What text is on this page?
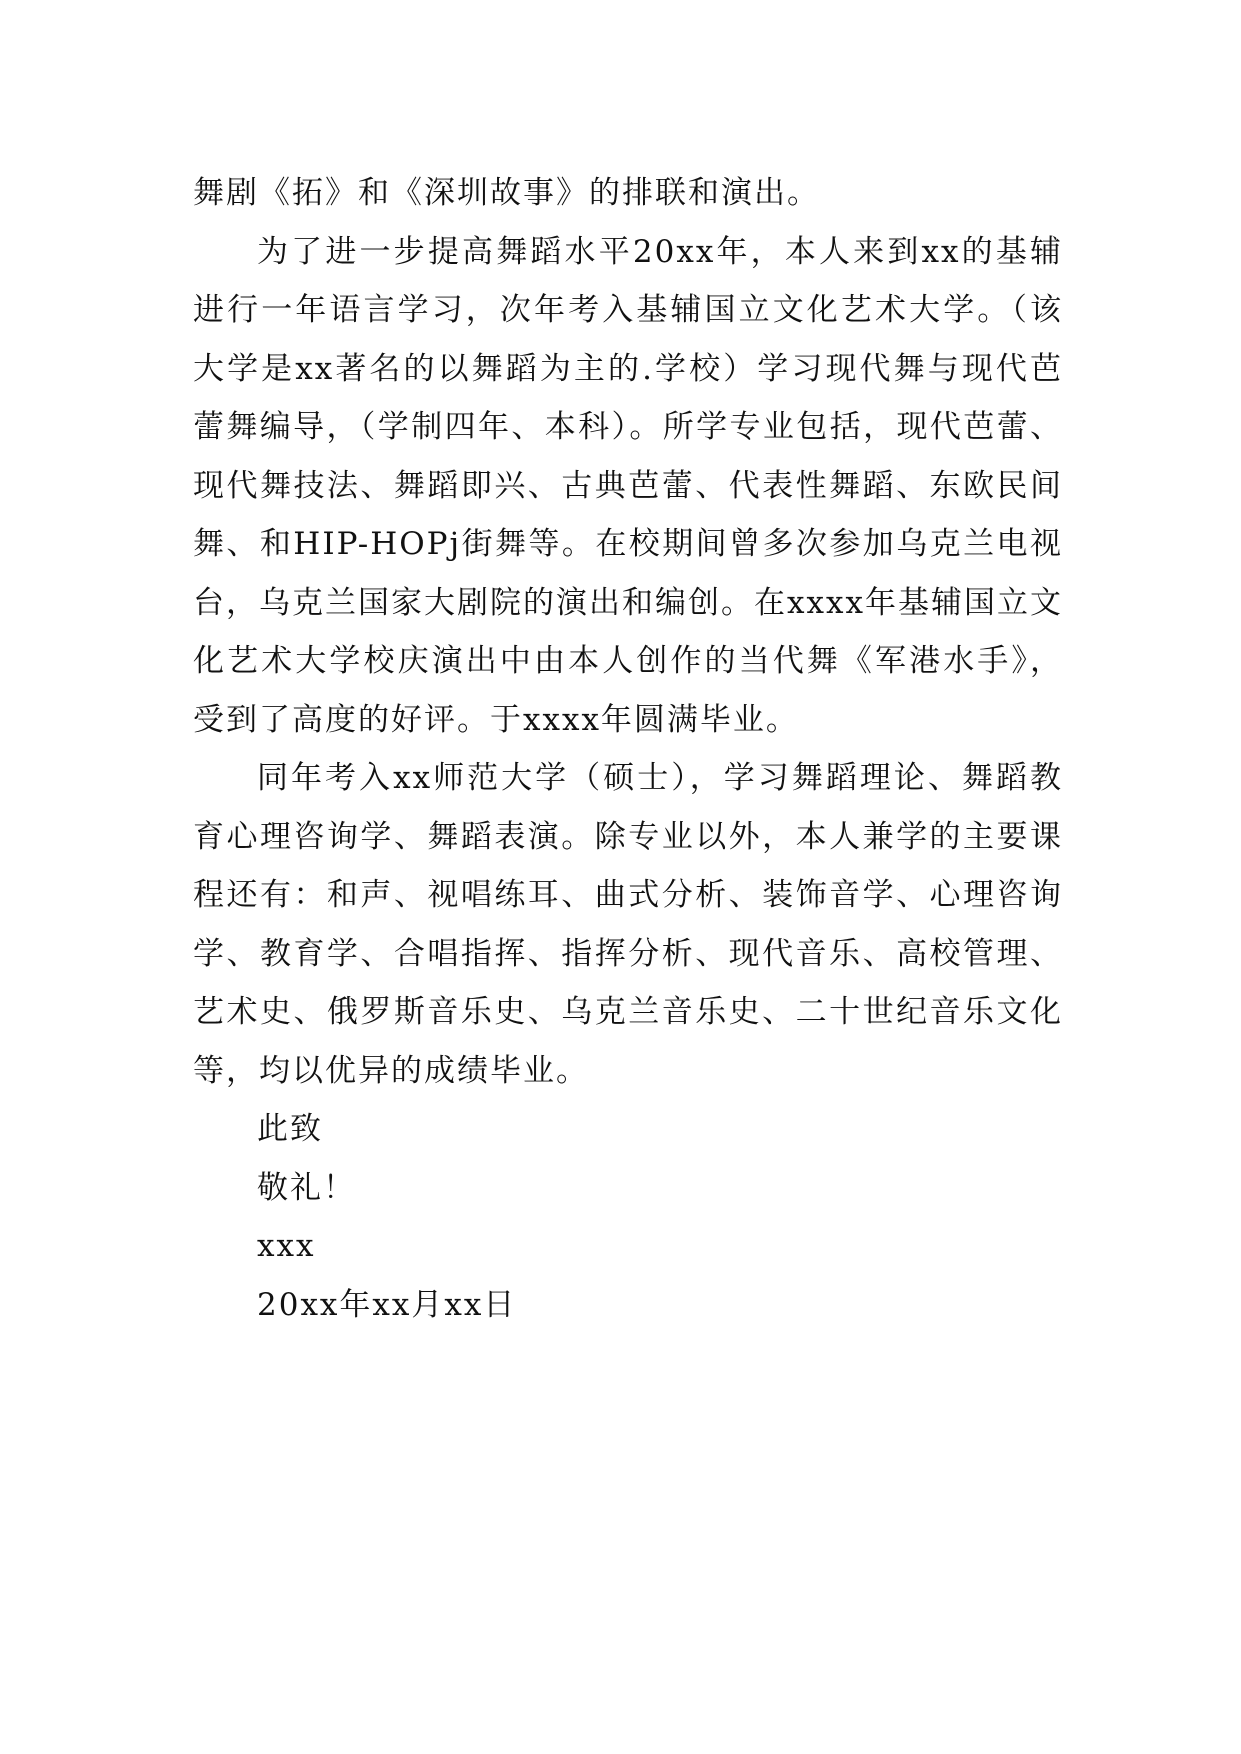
舞剧《拓》和《深圳故事》的排联和演出。

为了进一步提高舞蹈水平20xx年，本人来到xx的基辅进行一年语言学习，次年考入基辅国立文化艺术大学。（该大学是xx著名的以舞蹈为主的.学校）学习现代舞与现代芭蕾舞编导，（学制四年、本科）。所学专业包括，现代芭蕾、现代舞技法、舞蹈即兴、古典芭蕾、代表性舞蹈、东欧民间舞、和HIP-HOPj街舞等。在校期间曾多次参加乌克兰电视台，乌克兰国家大剧院的演出和编创。在xxxx年基辅国立文化艺术大学校庆演出中由本人创作的当代舞《军港水手》，受到了高度的好评。于xxxx年圆满毕业。

同年考入xx师范大学（硕士），学习舞蹈理论、舞蹈教育心理咨询学、舞蹈表演。除专业以外，本人兼学的主要课程还有：和声、视唱练耳、曲式分析、装饰音学、心理咨询学、教育学、合唱指挥、指挥分析、现代音乐、高校管理、艺术史、俄罗斯音乐史、乌克兰音乐史、二十世纪音乐文化等，均以优异的成绩毕业。

此致

敬礼！

xxx

20xx年xx月xx日
